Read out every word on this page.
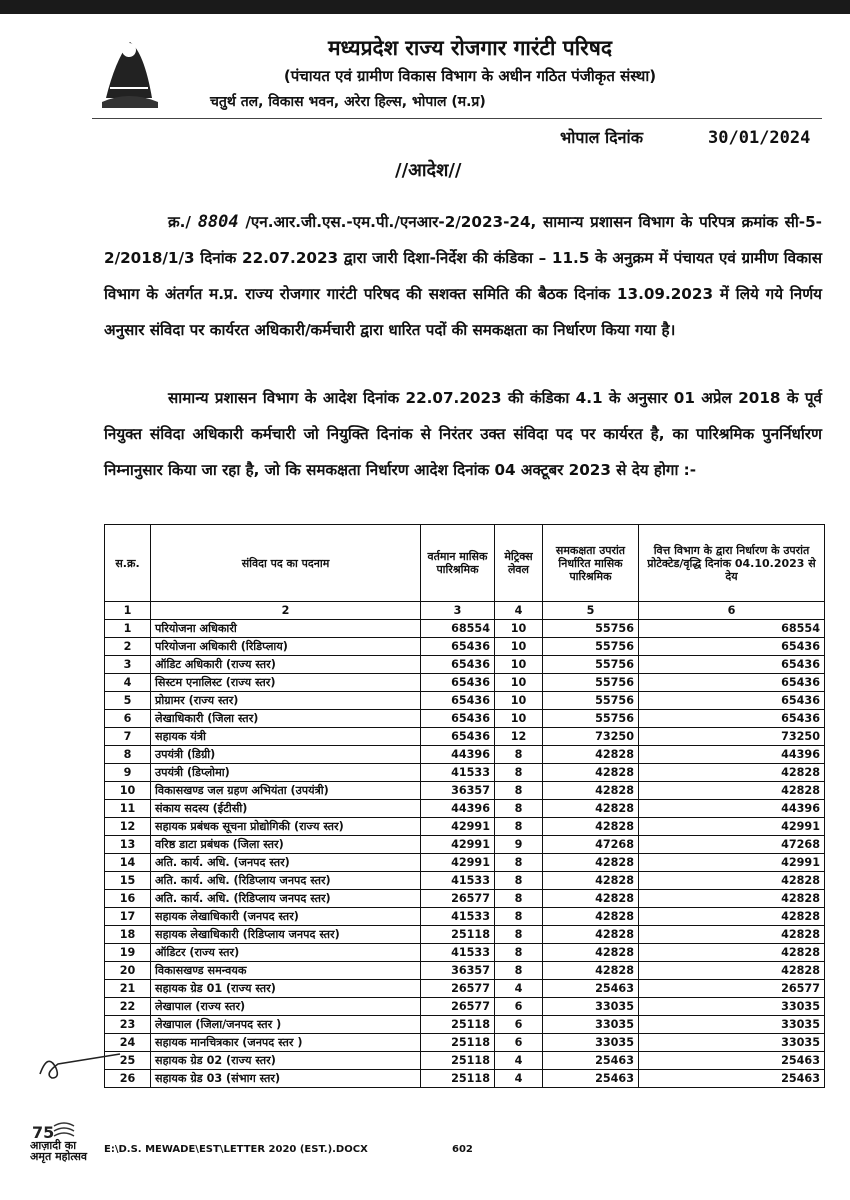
मध्यप्रदेश राज्य रोजगार गारंटी परिषद
(पंचायत एवं ग्रामीण विकास विभाग के अधीन गठित पंजीकृत संस्था)
चतुर्थ तल, विकास भवन, अरेरा हिल्स, भोपाल (म.प्र)
भोपाल दिनांक	30/01/2024
//आदेश//
क्र./ 8804 /एन.आर.जी.एस.-एम.पी./एनआर-2/2023-24, सामान्य प्रशासन विभाग के परिपत्र क्रमांक सी-5-2/2018/1/3 दिनांक 22.07.2023 द्वारा जारी दिशा-निर्देश की कंडिका – 11.5 के अनुक्रम में पंचायत एवं ग्रामीण विकास विभाग के अंतर्गत म.प्र. राज्य रोजगार गारंटी परिषद की सशक्त समिति की बैठक दिनांक 13.09.2023 में लिये गये निर्णय अनुसार संविदा पर कार्यरत अधिकारी/कर्मचारी द्वारा धारित पदों की समकक्षता का निर्धारण किया गया है।
सामान्य प्रशासन विभाग के आदेश दिनांक 22.07.2023 की कंडिका 4.1 के अनुसार 01 अप्रेल 2018 के पूर्व नियुक्त संविदा अधिकारी कर्मचारी जो नियुक्ति दिनांक से निरंतर उक्त संविदा पद पर कार्यरत है, का पारिश्रमिक पुनर्निर्धारण निम्नानुसार किया जा रहा है, जो कि समकक्षता निर्धारण आदेश दिनांक 04 अक्टूबर 2023 से देय होगा :-
स.क्र.	संविदा पद का पदनाम	वर्तमान मासिक पारिश्रमिक	मेट्रिक्स लेवल	समकक्षता उपरांत निर्धारित मासिक पारिश्रमिक	वित्त विभाग के द्वारा निर्धारण के उपरांत प्रोटेक्टेड/वृद्धि दिनांक 04.10.2023 से देय
1	2	3	4	5	6
1	परियोजना अधिकारी	68554	10	55756	68554
2	परियोजना अधिकारी (रिडिप्लाय)	65436	10	55756	65436
3	ऑडिट अधिकारी (राज्य स्तर)	65436	10	55756	65436
4	सिस्टम एनालिस्ट (राज्य स्तर)	65436	10	55756	65436
5	प्रोग्रामर (राज्य स्तर)	65436	10	55756	65436
6	लेखाधिकारी (जिला स्तर)	65436	10	55756	65436
7	सहायक यंत्री	65436	12	73250	73250
8	उपयंत्री (डिग्री)	44396	8	42828	44396
9	उपयंत्री (डिप्लोमा)	41533	8	42828	42828
10	विकासखण्ड जल ग्रहण अभियंता (उपयंत्री)	36357	8	42828	42828
11	संकाय सदस्य (ईटीसी)	44396	8	42828	44396
12	सहायक प्रबंधक सूचना प्रोद्योगिकी (राज्य स्तर)	42991	8	42828	42991
13	वरिष्ठ डाटा प्रबंधक (जिला स्तर)	42991	9	47268	47268
14	अति. कार्य. अधि. (जनपद स्तर)	42991	8	42828	42991
15	अति. कार्य. अधि. (रिडिप्लाय जनपद स्तर)	41533	8	42828	42828
16	अति. कार्य. अधि. (रिडिप्लाय जनपद स्तर)	26577	8	42828	42828
17	सहायक लेखाधिकारी (जनपद स्तर)	41533	8	42828	42828
18	सहायक लेखाधिकारी (रिडिप्लाय जनपद स्तर)	25118	8	42828	42828
19	ऑडिटर (राज्य स्तर)	41533	8	42828	42828
20	विकासखण्ड समन्वयक	36357	8	42828	42828
21	सहायक ग्रेड 01 (राज्य स्तर)	26577	4	25463	26577
22	लेखापाल (राज्य स्तर)	26577	6	33035	33035
23	लेखापाल (जिला/जनपद स्तर )	25118	6	33035	33035
24	सहायक मानचित्रकार (जनपद स्तर )	25118	6	33035	33035
25	सहायक ग्रेड 02 (राज्य स्तर)	25118	4	25463	25463
26	सहायक ग्रेड 03 (संभाग स्तर)	25118	4	25463	25463
75
आज़ादी का
अमृत महोत्सव
E:\D.S. MEWADE\EST\LETTER 2020 (EST.).DOCX	602
